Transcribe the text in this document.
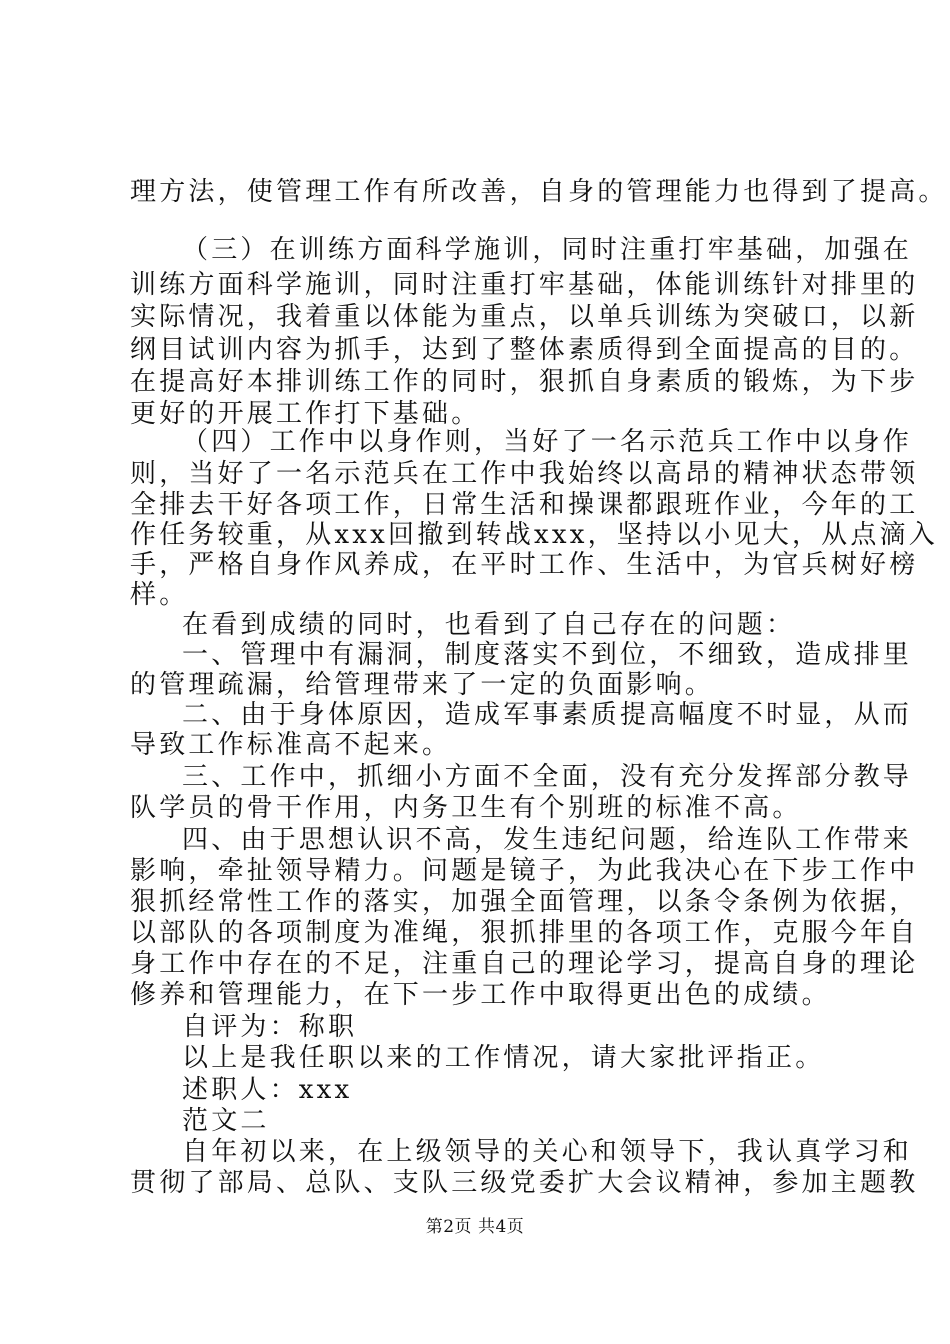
理方法，使管理工作有所改善，自身的管理能力也得到了提高。
（三）在训练方面科学施训，同时注重打牢基础，加强在
训练方面科学施训，同时注重打牢基础，体能训练针对排里的
实际情况，我着重以体能为重点，以单兵训练为突破口，以新
纲目试训内容为抓手，达到了整体素质得到全面提高的目的。
在提高好本排训练工作的同时，狠抓自身素质的锻炼，为下步
更好的开展工作打下基础。
（四）工作中以身作则，当好了一名示范兵工作中以身作
则，当好了一名示范兵在工作中我始终以高昂的精神状态带领
全排去干好各项工作，日常生活和操课都跟班作业，今年的工
作任务较重，从xxx回撤到转战xxx，坚持以小见大，从点滴入
手，严格自身作风养成，在平时工作、生活中，为官兵树好榜
样。
在看到成绩的同时，也看到了自己存在的问题：
一、管理中有漏洞，制度落实不到位，不细致，造成排里
的管理疏漏，给管理带来了一定的负面影响。
二、由于身体原因，造成军事素质提高幅度不时显，从而
导致工作标准高不起来。
三、工作中，抓细小方面不全面，没有充分发挥部分教导
队学员的骨干作用，内务卫生有个别班的标准不高。
四、由于思想认识不高，发生违纪问题，给连队工作带来
影响，牵扯领导精力。问题是镜子，为此我决心在下步工作中
狠抓经常性工作的落实，加强全面管理，以条令条例为依据，
以部队的各项制度为准绳，狠抓排里的各项工作，克服今年自
身工作中存在的不足，注重自己的理论学习，提高自身的理论
修养和管理能力，在下一步工作中取得更出色的成绩。
自评为：称职
以上是我任职以来的工作情况，请大家批评指正。
述职人：xxx
范文二
自年初以来，在上级领导的关心和领导下，我认真学习和
贯彻了部局、总队、支队三级党委扩大会议精神，参加主题教
第2页 共4页
